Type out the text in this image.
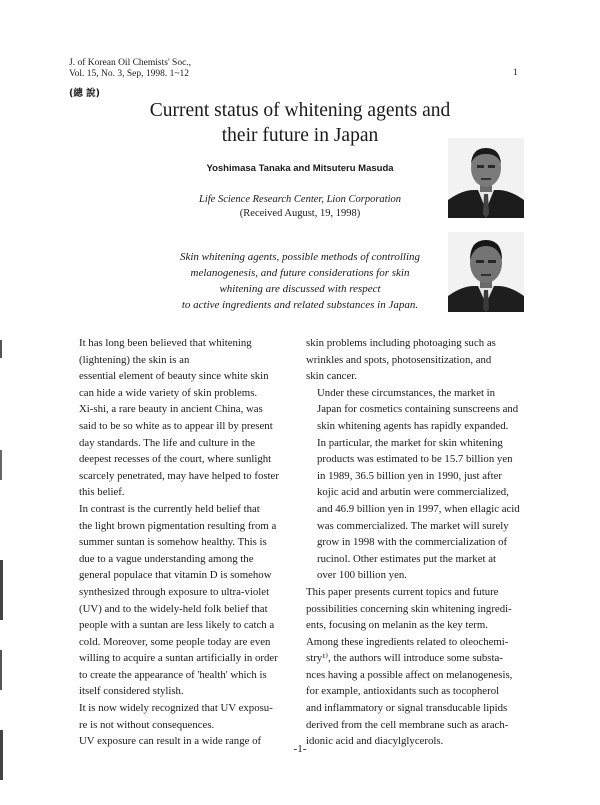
J. of Korean Oil Chemists' Soc.,
Vol. 15, No. 3, Sep, 1998. 1~12	1
(總 說)
Current status of whitening agents and
their future in Japan
Yoshimasa Tanaka and Mitsuteru Masuda
Life Science Research Center, Lion Corporation
(Received August, 19, 1998)
Skin whitening agents, possible methods of controlling
melanogenesis, and future considerations for skin
whitening are discussed with respect
to active ingredients and related substances in Japan.

It has long been believed that whitening
(lightening) the skin is an
essential element of beauty since white skin
can hide a wide variety of skin problems.
Xi-shi, a rare beauty in ancient China, was
said to be so white as to appear ill by present
day standards. The life and culture in the
deepest recesses of the court, where sunlight
scarcely penetrated, may have helped to foster
this belief.

In contrast is the currently held belief that
the light brown pigmentation resulting from a
summer suntan is somehow healthy. This is
due to a vague understanding among the
general populace that vitamin D is somehow
synthesized through exposure to ultra-violet
(UV) and to the widely-held folk belief that
people with a suntan are less likely to catch a
cold. Moreover, some people today are even
willing to acquire a suntan artificially in order
to create the appearance of 'health' which is
itself considered stylish.

It is now widely recognized that UV exposu-
re is not without consequences.

UV exposure can result in a wide range of

skin problems including photoaging such as
wrinkles and spots, photosensitization, and
skin cancer.

Under these circumstances, the market in
Japan for cosmetics containing sunscreens and
skin whitening agents has rapidly expanded.
In particular, the market for skin whitening
products was estimated to be 15.7 billion yen
in 1989, 36.5 billion yen in 1990, just after
kojic acid and arbutin were commercialized,
and 46.9 billion yen in 1997, when ellagic acid
was commercialized. The market will surely
grow in 1998 with the commercialization of
rucinol. Other estimates put the market at
over 100 billion yen.

This paper presents current topics and future
possibilities concerning skin whitening ingredi-
ents, focusing on melanin as the key term.

Among these ingredients related to oleochemi-
stry¹⁾, the authors will introduce some substa-
nces having a possible affect on melanogenesis,
for example, antioxidants such as tocopherol
and inflammatory or signal transducable lipids
derived from the cell membrane such as arach-
idonic acid and diacylglycerols.

-1-
